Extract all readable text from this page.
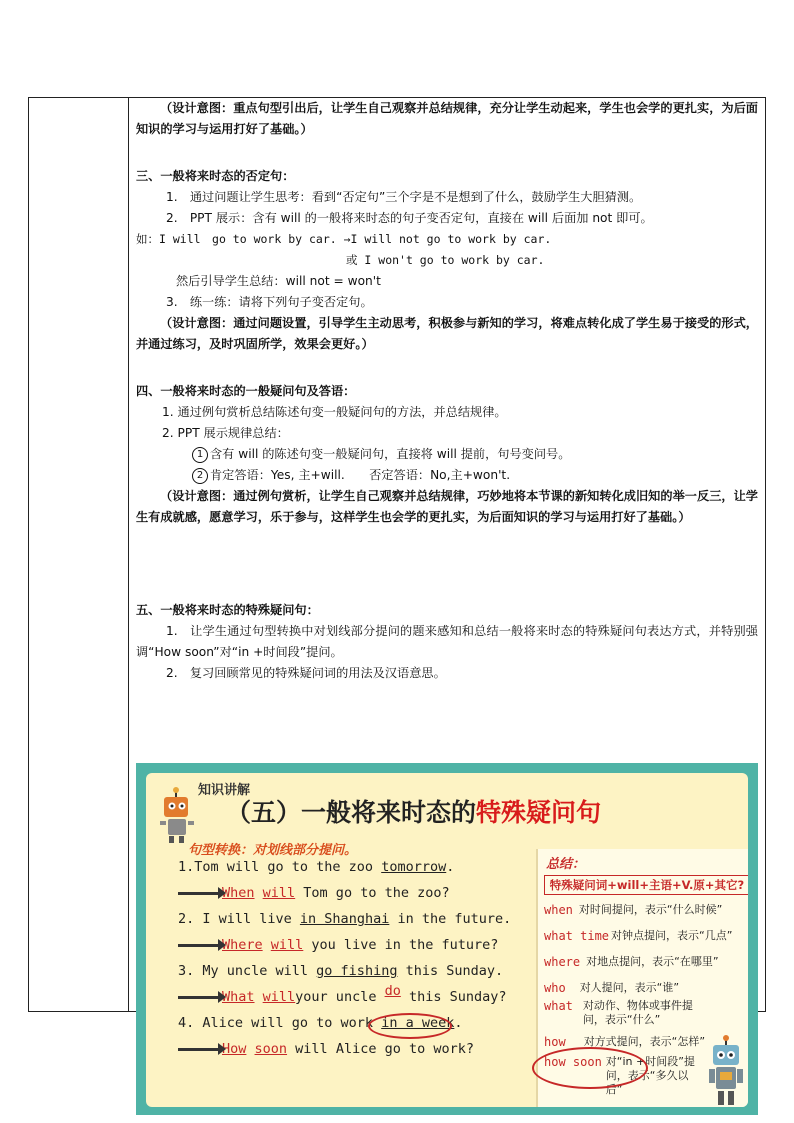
（设计意图：重点句型引出后，让学生自己观察并总结规律，充分让学生动起来，学生也会学的更扎实，为后面知识的学习与运用打好了基础。）

三、一般将来时态的否定句：

1.　通过问题让学生思考：看到“否定句”三个字是不是想到了什么，鼓励学生大胆猜测。

2.　PPT 展示：含有 will 的一般将来时态的句子变否定句，直接在 will 后面加 not 即可。

如：I will　go to work by car. →I will not go to work by car.

或 I won't go to work by car.

然后引导学生总结：will not = won't

3.　练一练：请将下列句子变否定句。

（设计意图：通过问题设置，引导学生主动思考，积极参与新知的学习，将难点转化成了学生易于接受的形式，并通过练习，及时巩固所学，效果会更好。）

四、一般将来时态的一般疑问句及答语：

1. 通过例句赏析总结陈述句变一般疑问句的方法，并总结规律。

2. PPT 展示规律总结：

1 含有 will 的陈述句变一般疑问句，直接将 will 提前，句号变问号。

2 肯定答语：Yes, 主+will.　　否定答语：No,主+won't.

（设计意图：通过例句赏析，让学生自己观察并总结规律，巧妙地将本节课的新知转化成旧知的举一反三，让学生有成就感，愿意学习，乐于参与，这样学生也会学的更扎实，为后面知识的学习与运用打好了基础。）

五、一般将来时态的特殊疑问句：

1.　让学生通过句型转换中对划线部分提问的题来感知和总结一般将来时态的特殊疑问句表达方式，并特别强调“How soon”对“in +时间段”提问。

2.　复习回顾常见的特殊疑问词的用法及汉语意思。

知识讲解
（五）一般将来时态的特殊疑问句
句型转换：对划线部分提问。
1.Tom will go to the zoo tomorrow.
When will Tom go to the zoo?
2. I will live in Shanghai in the future.
Where will you live in the future?
3. My uncle will go fishing this Sunday.
What willyour uncle do this Sunday?
4. Alice will go to work in a week.
How soon will Alice go to work?
总结：
特殊疑问词+will+主语+V.原+其它?
when 对时间提问，表示“什么时候”
what time 对钟点提问，表示“几点”
where 对地点提问，表示“在哪里”
who 对人提问，表示“谁”
what 对动作、物体或事件提问，表示“什么”
how 对方式提问，表示“怎样”
how soon 对“in +时间段”提问，表示“多久以后”
